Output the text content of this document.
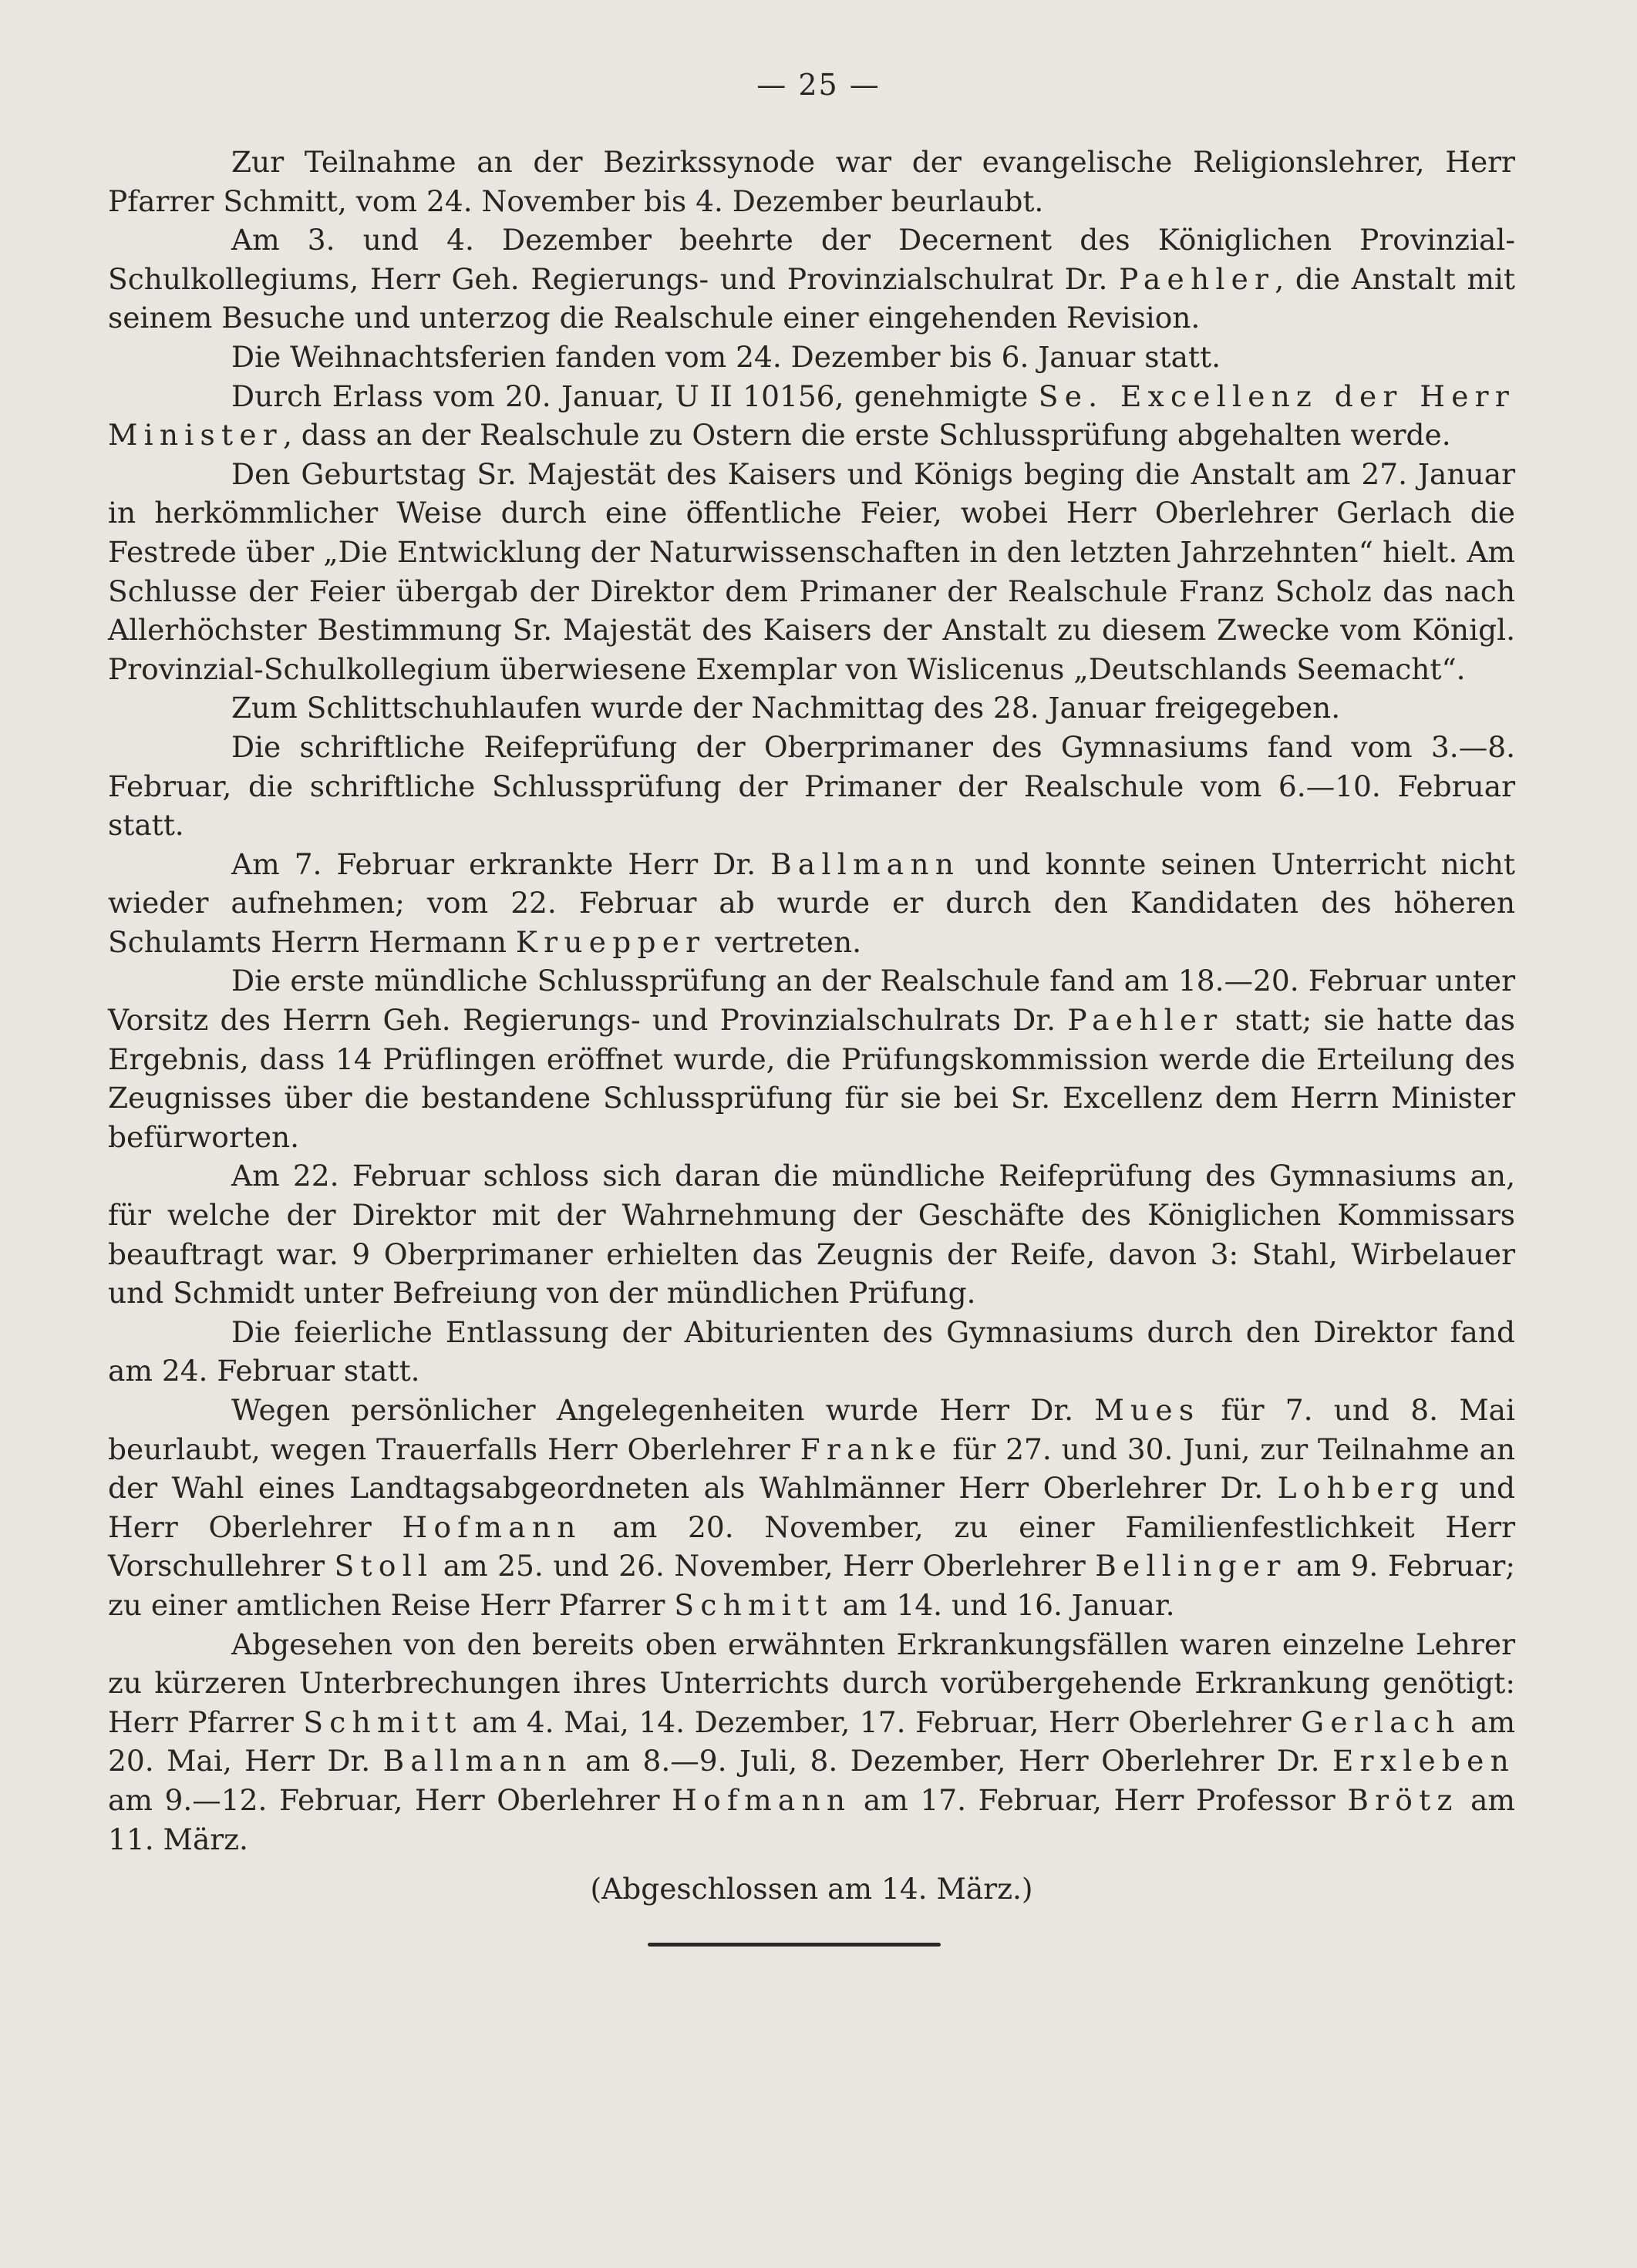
— 25 —

Zur Teilnahme an der Bezirkssynode war der evangelische Religionslehrer, Herr Pfarrer Schmitt, vom 24. November bis 4. Dezember beurlaubt.

Am 3. und 4. Dezember beehrte der Decernent des Königlichen Provinzial-Schulkollegiums, Herr Geh. Regierungs- und Provinzialschulrat Dr. Paehler, die Anstalt mit seinem Besuche und unterzog die Realschule einer eingehenden Revision.

Die Weihnachtsferien fanden vom 24. Dezember bis 6. Januar statt.

Durch Erlass vom 20. Januar, U II 10156, genehmigte Se. Excellenz der Herr Minister, dass an der Realschule zu Ostern die erste Schlussprüfung abgehalten werde.

Den Geburtstag Sr. Majestät des Kaisers und Königs beging die Anstalt am 27. Januar in herkömmlicher Weise durch eine öffentliche Feier, wobei Herr Oberlehrer Gerlach die Festrede über „Die Entwicklung der Naturwissenschaften in den letzten Jahrzehnten“ hielt. Am Schlusse der Feier übergab der Direktor dem Primaner der Realschule Franz Scholz das nach Allerhöchster Bestimmung Sr. Majestät des Kaisers der Anstalt zu diesem Zwecke vom Königl. Provinzial-Schulkollegium überwiesene Exemplar von Wislicenus „Deutschlands Seemacht“.

Zum Schlittschuhlaufen wurde der Nachmittag des 28. Januar freigegeben.

Die schriftliche Reifeprüfung der Oberprimaner des Gymnasiums fand vom 3.—8. Februar, die schriftliche Schlussprüfung der Primaner der Realschule vom 6.—10. Februar statt.

Am 7. Februar erkrankte Herr Dr. Ballmann und konnte seinen Unterricht nicht wieder aufnehmen; vom 22. Februar ab wurde er durch den Kandidaten des höheren Schulamts Herrn Hermann Kruepper vertreten.

Die erste mündliche Schlussprüfung an der Realschule fand am 18.—20. Februar unter Vorsitz des Herrn Geh. Regierungs- und Provinzialschulrats Dr. Paehler statt; sie hatte das Ergebnis, dass 14 Prüflingen eröffnet wurde, die Prüfungskommission werde die Erteilung des Zeugnisses über die bestandene Schlussprüfung für sie bei Sr. Excellenz dem Herrn Minister befürworten.

Am 22. Februar schloss sich daran die mündliche Reifeprüfung des Gymnasiums an, für welche der Direktor mit der Wahrnehmung der Geschäfte des Königlichen Kommissars beauftragt war. 9 Oberprimaner erhielten das Zeugnis der Reife, davon 3: Stahl, Wirbelauer und Schmidt unter Befreiung von der mündlichen Prüfung.

Die feierliche Entlassung der Abiturienten des Gymnasiums durch den Direktor fand am 24. Februar statt.

Wegen persönlicher Angelegenheiten wurde Herr Dr. Mues für 7. und 8. Mai beurlaubt, wegen Trauerfalls Herr Oberlehrer Franke für 27. und 30. Juni, zur Teilnahme an der Wahl eines Landtagsabgeordneten als Wahlmänner Herr Oberlehrer Dr. Lohberg und Herr Oberlehrer Hofmann am 20. November, zu einer Familienfestlichkeit Herr Vorschullehrer Stoll am 25. und 26. November, Herr Oberlehrer Bellinger am 9. Februar; zu einer amtlichen Reise Herr Pfarrer Schmitt am 14. und 16. Januar.

Abgesehen von den bereits oben erwähnten Erkrankungsfällen waren einzelne Lehrer zu kürzeren Unterbrechungen ihres Unterrichts durch vorübergehende Erkrankung genötigt: Herr Pfarrer Schmitt am 4. Mai, 14. Dezember, 17. Februar, Herr Oberlehrer Gerlach am 20. Mai, Herr Dr. Ballmann am 8.—9. Juli, 8. Dezember, Herr Oberlehrer Dr. Erxleben am 9.—12. Februar, Herr Oberlehrer Hofmann am 17. Februar, Herr Professor Brötz am 11. März.

(Abgeschlossen am 14. März.)
